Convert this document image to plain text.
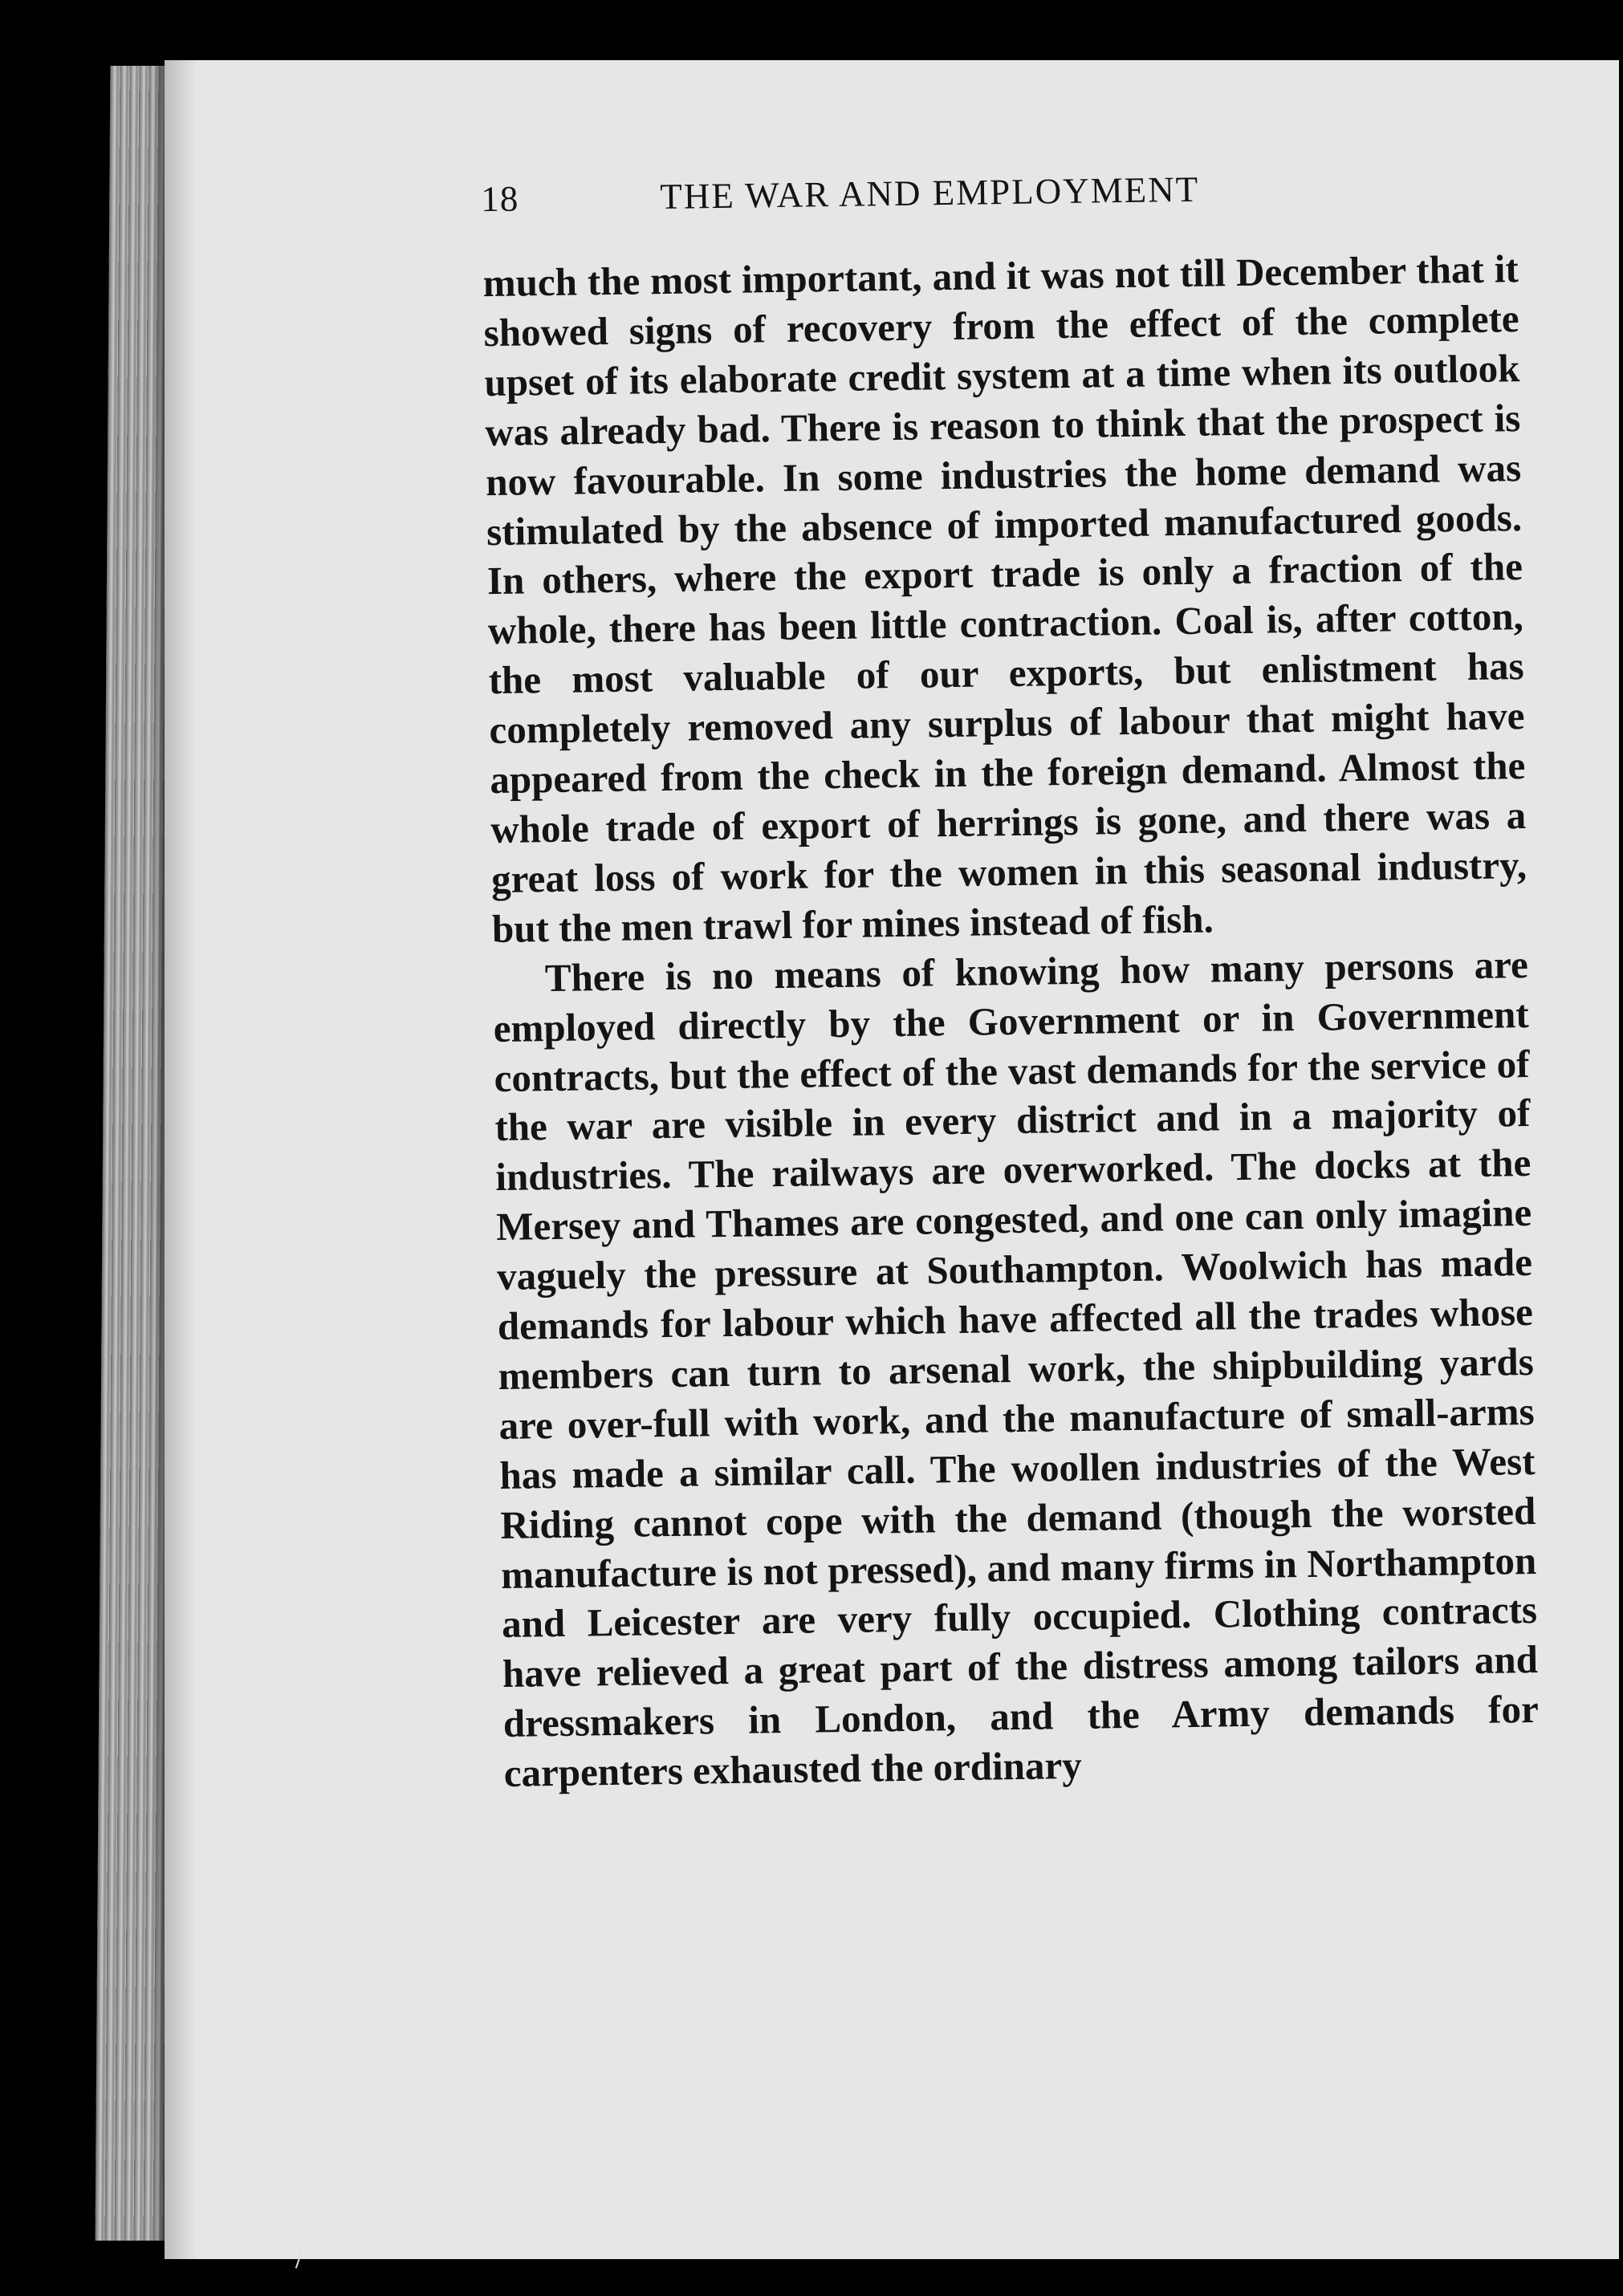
/
18	THE WAR AND EMPLOYMENT

much the most important, and it was not till December that it showed signs of recovery from the effect of the complete upset of its elaborate credit system at a time when its outlook was already bad. There is reason to think that the prospect is now favourable. In some industries the home demand was stimulated by the absence of imported manufactured goods. In others, where the export trade is only a fraction of the whole, there has been little contraction. Coal is, after cotton, the most valuable of our exports, but enlistment has completely removed any surplus of labour that might have appeared from the check in the foreign demand. Almost the whole trade of export of herrings is gone, and there was a great loss of work for the women in this seasonal industry, but the men trawl for mines instead of fish.

There is no means of knowing how many persons are employed directly by the Government or in Government contracts, but the effect of the vast demands for the service of the war are visible in every district and in a majority of industries. The railways are overworked. The docks at the Mersey and Thames are congested, and one can only imagine vaguely the pressure at Southampton. Woolwich has made demands for labour which have affected all the trades whose members can turn to arsenal work, the shipbuilding yards are over-full with work, and the manufacture of small-arms has made a similar call. The woollen industries of the West Riding cannot cope with the demand (though the worsted manufacture is not pressed), and many firms in Northampton and Leicester are very fully occupied. Clothing contracts have relieved a great part of the distress among tailors and dressmakers in London, and the Army demands for carpenters exhausted the ordinary
